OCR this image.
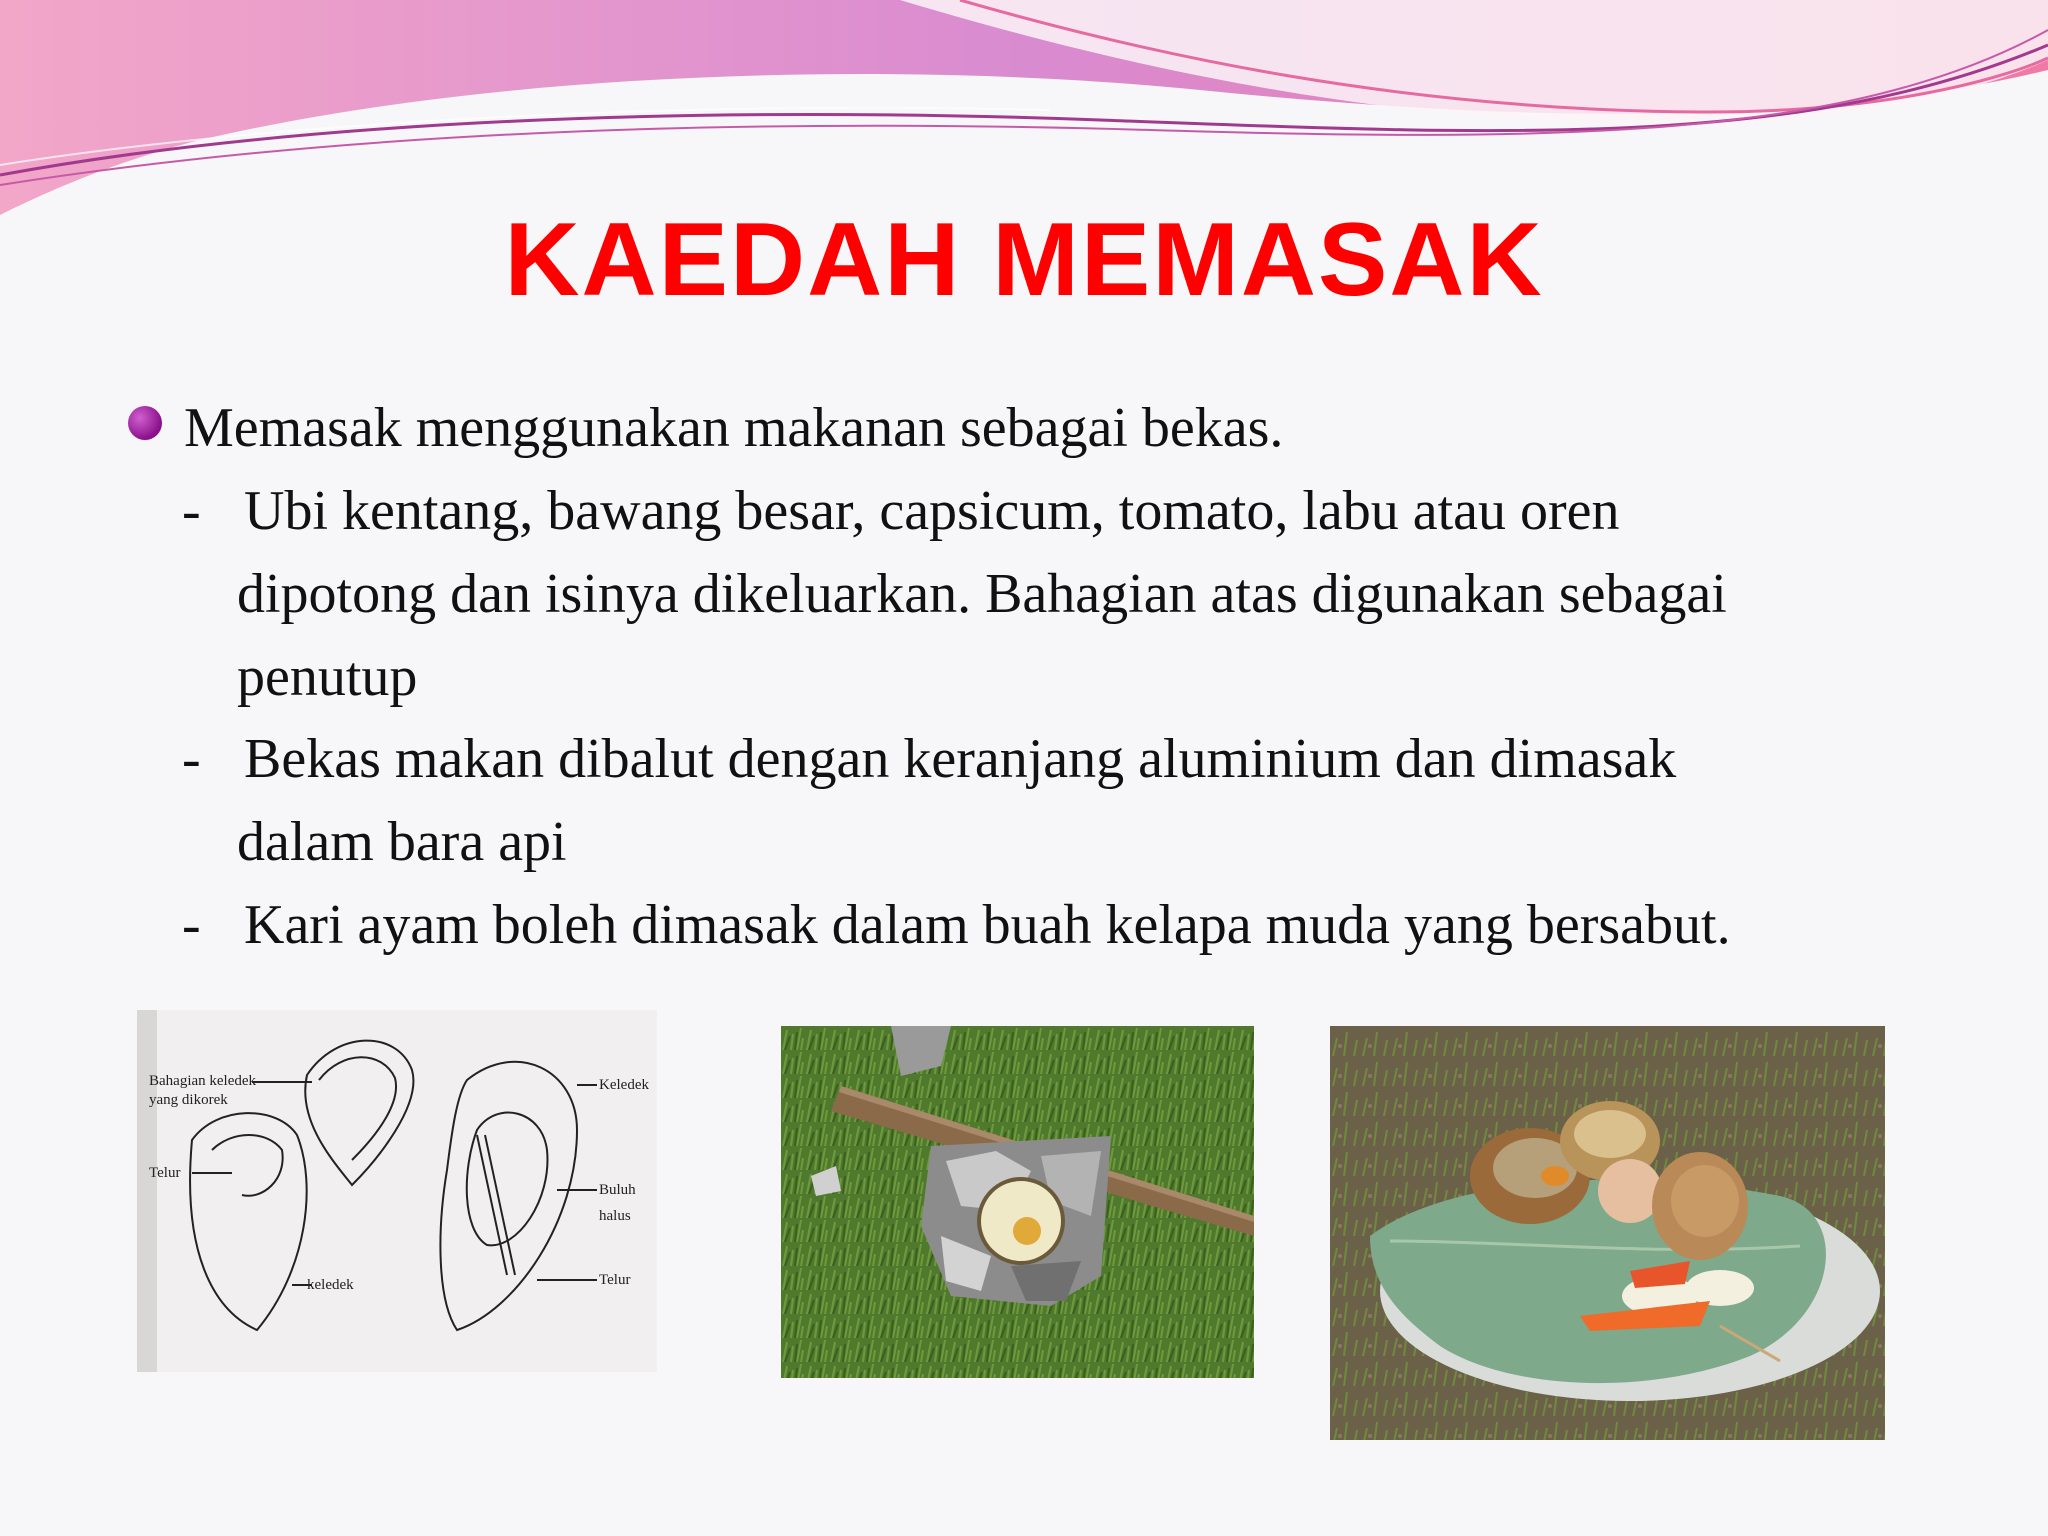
KAEDAH MEMASAK
Memasak menggunakan makanan sebagai bekas.
- Ubi kentang, bawang besar, capsicum, tomato, labu atau oren
dipotong dan isinya dikeluarkan. Bahagian atas digunakan sebagai
penutup
- Bekas makan dibalut dengan keranjang aluminium dan dimasak
dalam bara api
- Kari ayam boleh dimasak dalam buah kelapa muda yang bersabut.
Bahagian keledek
yang dikorek
Telur
keledek
Keledek
Buluh
halus
Telur
